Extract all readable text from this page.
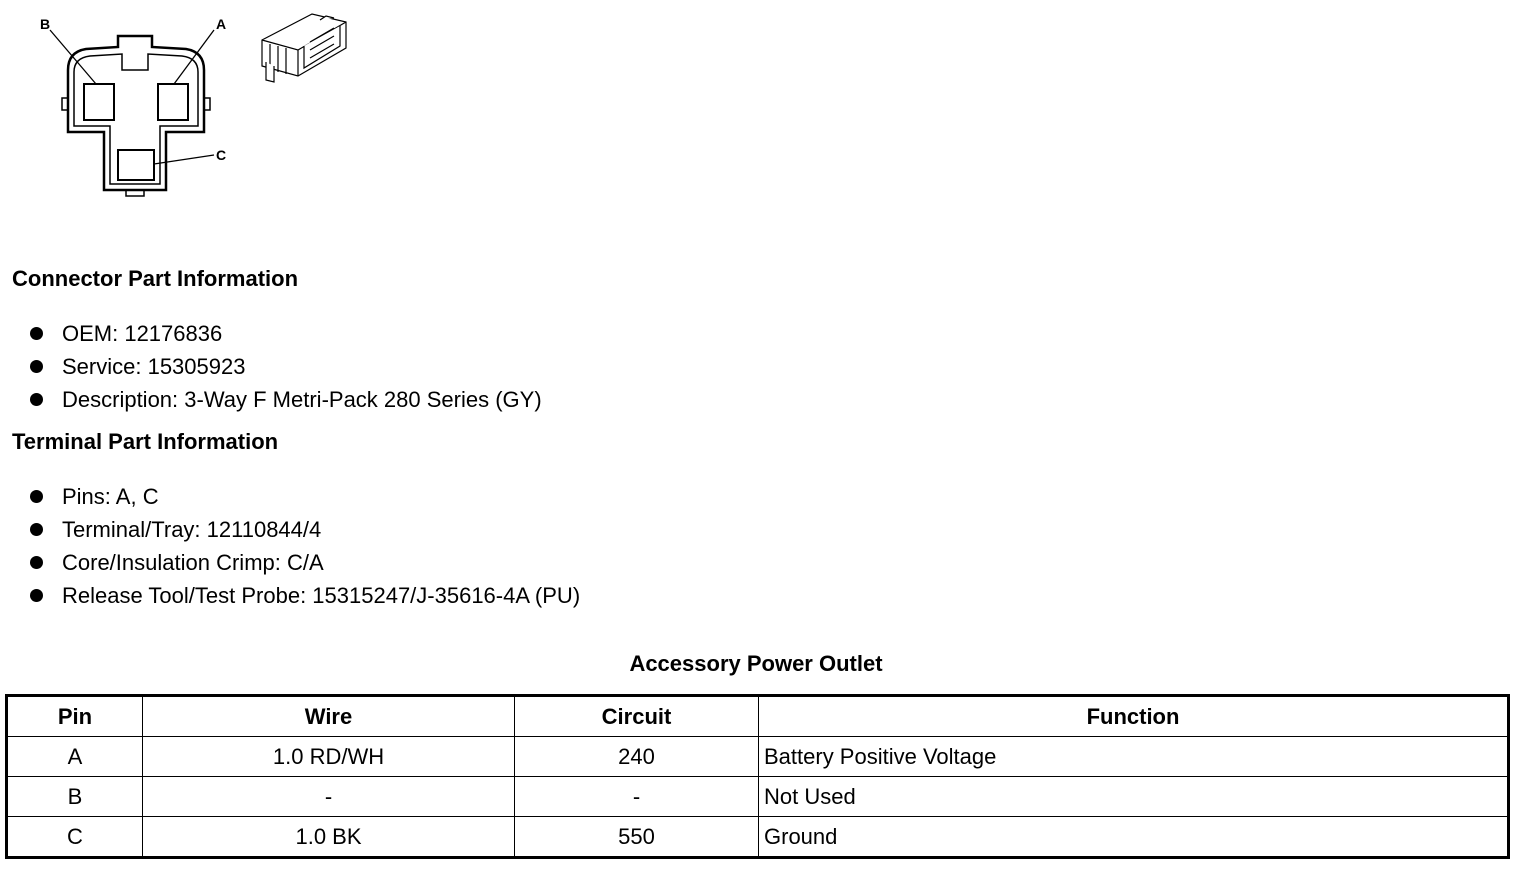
B	A
C
Connector Part Information
OEM: 12176836
Service: 15305923
Description: 3-Way F Metri-Pack 280 Series (GY)
Terminal Part Information
Pins: A, C
Terminal/Tray: 12110844/4
Core/Insulation Crimp: C/A
Release Tool/Test Probe: 15315247/J-35616-4A (PU)
Accessory Power Outlet
Pin	Wire	Circuit	Function
A	1.0 RD/WH	240	Battery Positive Voltage
B	-	-	Not Used
C	1.0 BK	550	Ground
